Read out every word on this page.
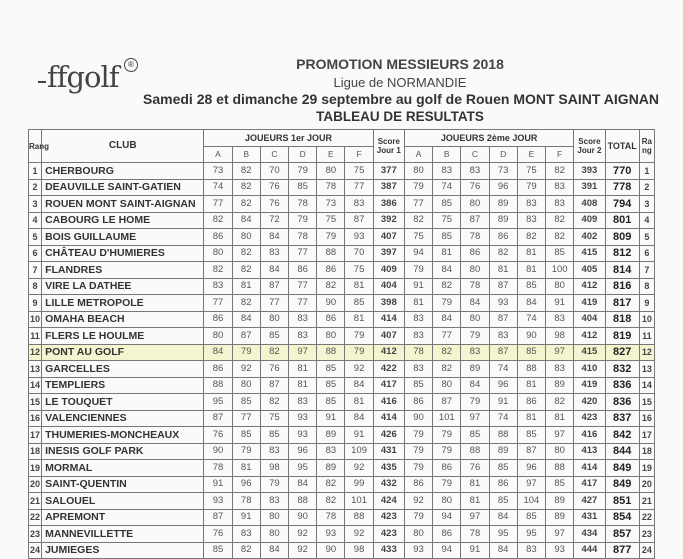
ffgolf	®	PROMOTION MESSIEURS 2018
Ligue de NORMANDIE
Samedi 28 et dimanche 29 septembre au golf de Rouen MONT SAINT AIGNAN
TABLEAU DE RESULTATS
Rang	CLUB	JOUEURS 1er JOUR						Score Jour 1	JOUEURS 2ème JOUR						Score Jour 2	TOTAL	Rang
		A	B	C	D	E	F		A	B	C	D	E	F			
1	CHERBOURG	73	82	70	79	80	75	377	80	83	83	73	75	82	393	770	1
2	DEAUVILLE SAINT-GATIEN	74	82	76	85	78	77	387	79	74	76	96	79	83	391	778	2
3	ROUEN MONT SAINT-AIGNAN	77	82	76	78	73	83	386	77	85	80	89	83	83	408	794	3
4	CABOURG LE HOME	82	84	72	79	75	87	392	82	75	87	89	83	82	409	801	4
5	BOIS GUILLAUME	86	80	84	78	79	93	407	75	85	78	86	82	82	402	809	5
6	CHÂTEAU D'HUMIERES	80	82	83	77	88	70	397	94	81	86	82	81	85	415	812	6
7	FLANDRES	82	82	84	86	86	75	409	79	84	80	81	81	100	405	814	7
8	VIRE LA DATHEE	83	81	87	77	82	81	404	91	82	78	87	85	80	412	816	8
9	LILLE METROPOLE	77	82	77	77	90	85	398	81	79	84	93	84	91	419	817	9
10	OMAHA BEACH	86	84	80	83	86	81	414	83	84	80	87	74	83	404	818	10
11	FLERS LE HOULME	80	87	85	83	80	79	407	83	77	79	83	90	98	412	819	11
12	PONT AU GOLF	84	79	82	97	88	79	412	78	82	83	87	85	97	415	827	12
13	GARCELLES	86	92	76	81	85	92	422	83	82	89	74	88	83	410	832	13
14	TEMPLIERS	88	80	87	81	85	84	417	85	80	84	96	81	89	419	836	14
15	LE TOUQUET	95	85	82	83	85	81	416	86	87	79	91	86	82	420	836	15
16	VALENCIENNES	87	77	75	93	91	84	414	90	101	97	74	81	81	423	837	16
17	THUMERIES-MONCHEAUX	76	85	85	93	89	91	426	79	79	85	88	85	97	416	842	17
18	INESIS GOLF PARK	90	79	83	96	83	109	431	79	79	88	89	87	80	413	844	18
19	MORMAL	78	81	98	95	89	92	435	79	86	76	85	96	88	414	849	19
20	SAINT-QUENTIN	91	96	79	84	82	99	432	86	79	81	86	97	85	417	849	20
21	SALOUEL	93	78	83	88	82	101	424	92	80	81	85	104	89	427	851	21
22	APREMONT	87	91	80	90	78	88	423	79	94	97	84	85	89	431	854	22
23	MANNEVILLETTE	76	83	80	92	93	92	423	80	86	78	95	95	97	434	857	23
24	JUMIEGES	85	82	84	92	90	98	433	93	94	91	84	83	93	444	877	24
